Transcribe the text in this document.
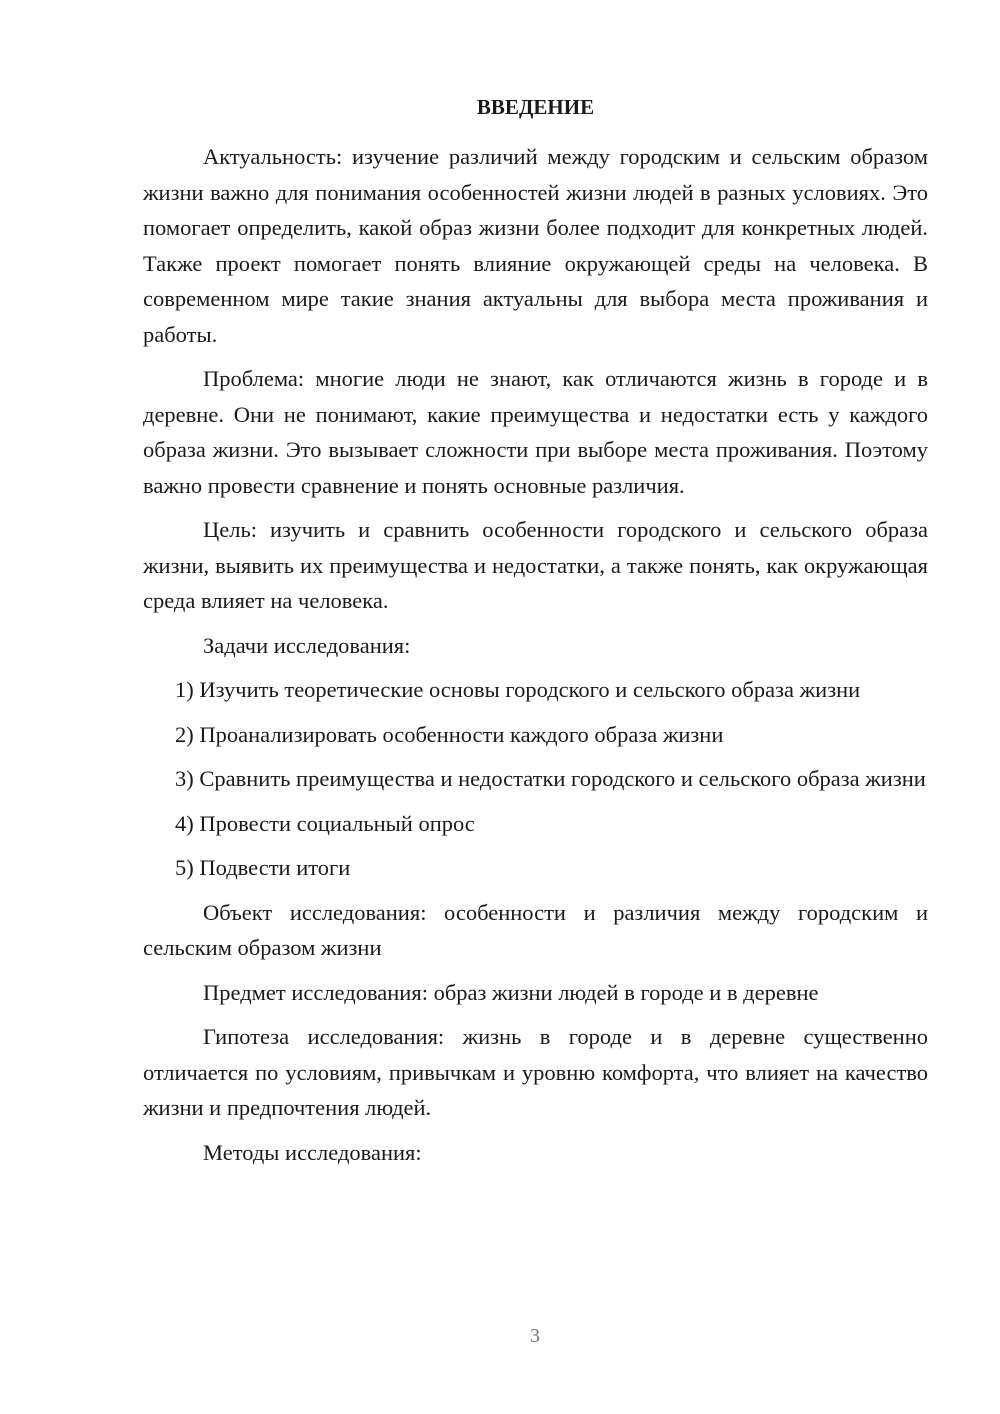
ВВЕДЕНИЕ

Актуальность: изучение различий между городским и сельским образом жизни важно для понимания особенностей жизни людей в разных условиях. Это помогает определить, какой образ жизни более подходит для конкретных людей. Также проект помогает понять влияние окружающей среды на человека. В современном мире такие знания актуальны для выбора места проживания и работы.

Проблема: многие люди не знают, как отличаются жизнь в городе и в деревне. Они не понимают, какие преимущества и недостатки есть у каждого образа жизни. Это вызывает сложности при выборе места проживания. Поэтому важно провести сравнение и понять основные различия.

Цель: изучить и сравнить особенности городского и сельского образа жизни, выявить их преимущества и недостатки, а также понять, как окружающая среда влияет на человека.

Задачи исследования:

1) Изучить теоретические основы городского и сельского образа жизни

2) Проанализировать особенности каждого образа жизни

3) Сравнить преимущества и недостатки городского и сельского образа жизни

4) Провести социальный опрос

5) Подвести итоги

Объект исследования: особенности и различия между городским и сельским образом жизни

Предмет исследования: образ жизни людей в городе и в деревне

Гипотеза исследования: жизнь в городе и в деревне существенно отличается по условиям, привычкам и уровню комфорта, что влияет на качество жизни и предпочтения людей.

Методы исследования:

3
